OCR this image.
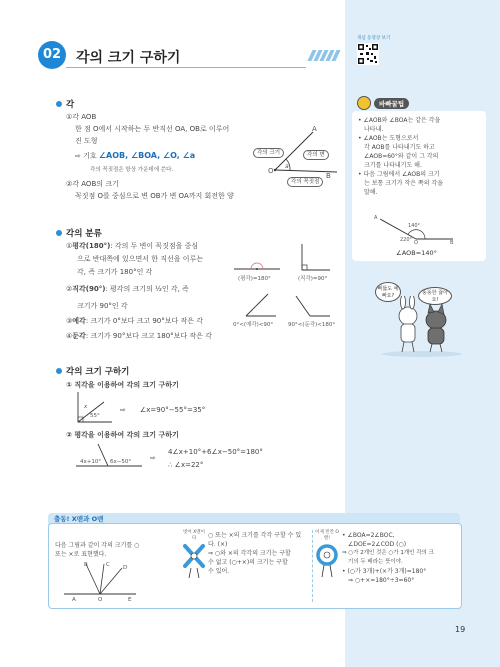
개념 동영상 보기
02	각의 크기 구하기
각
①각 AOB
한 점 O에서 시작하는 두 반직선 OA, OB로 이루어
진 도형
⇨ 기호 ∠AOB, ∠BOA, ∠O, ∠a
각의 꼭짓점은 항상 가운데에 쓴다.
②각 AOB의 크기
꼭짓점 O를 중심으로 변 OB가 변 OA까지 회전한 양
A
B
O
a
각의 크기	각의 변
각의 꼭짓점
바빠꿀팁
• ∠AOB와 ∠BOA는 같은 각을
나타내.
• ∠AOB는 도형으로서
각 AOB를 나타내기도 하고
∠AOB=60°와 같이 그 각의
크기를 나타내기도 해.
• 다음 그림에서 ∠AOB의 크기
는 보통 크기가 작은 쪽의 각을
말해.
140°
220°
A
O	B
∠AOB=140°
각의 분류
①평각(180°): 각의 두 변이 꼭짓점을 중심
으로 반대쪽에 있으면서 한 직선을 이루는
각, 즉 크기가 180°인 각
②직각(90°): 평각의 크기의 ½인 각, 즉
크기가 90°인 각
③예각: 크기가 0°보다 크고 90°보다 작은 각
④둔각: 크기가 90°보다 크고 180°보다 작은 각
(평각)=180°	(직각)=90°
0°<(예각)<90°	90°<(둔각)<180°
삐뚫도 예빠요?	뚱뚱한 끓아요!
각의 크기 구하기
① 직각을 이용하여 각의 크기 구하기
x
55°
⇨ ∠x=90°−55°=35°
② 평각을 이용하여 각의 크기 구하기
4x+10° 6x−50°	⇨
4∠x+10°+6∠x−50°=180°
∴ ∠x=22°
출동! X맨과 O맨
다음 그림과 같이 각의 크기를 ○
또는 ×로 표현했다.
A	O	E
B	C D
벗어 X맨이다	○ 또는 ×의 크기를 각각 구할 수 있
다. (×)
⇒ ○와 ×의 각각의 크기는 구할
수 없고 (○+×)의 크기는 구할
수 있어.
이제 빈칸 O맨!	• ∠BOA=2∠BOC,
∠DOE=2∠COD (○)
⇒ ○가 2개인 것은 ○가 1개인 각의 크
기의 두 배라는 뜻이야.
• (○가 3개)+(×가 3개)=180°
⇒ ○+×=180°÷3=60°
19
